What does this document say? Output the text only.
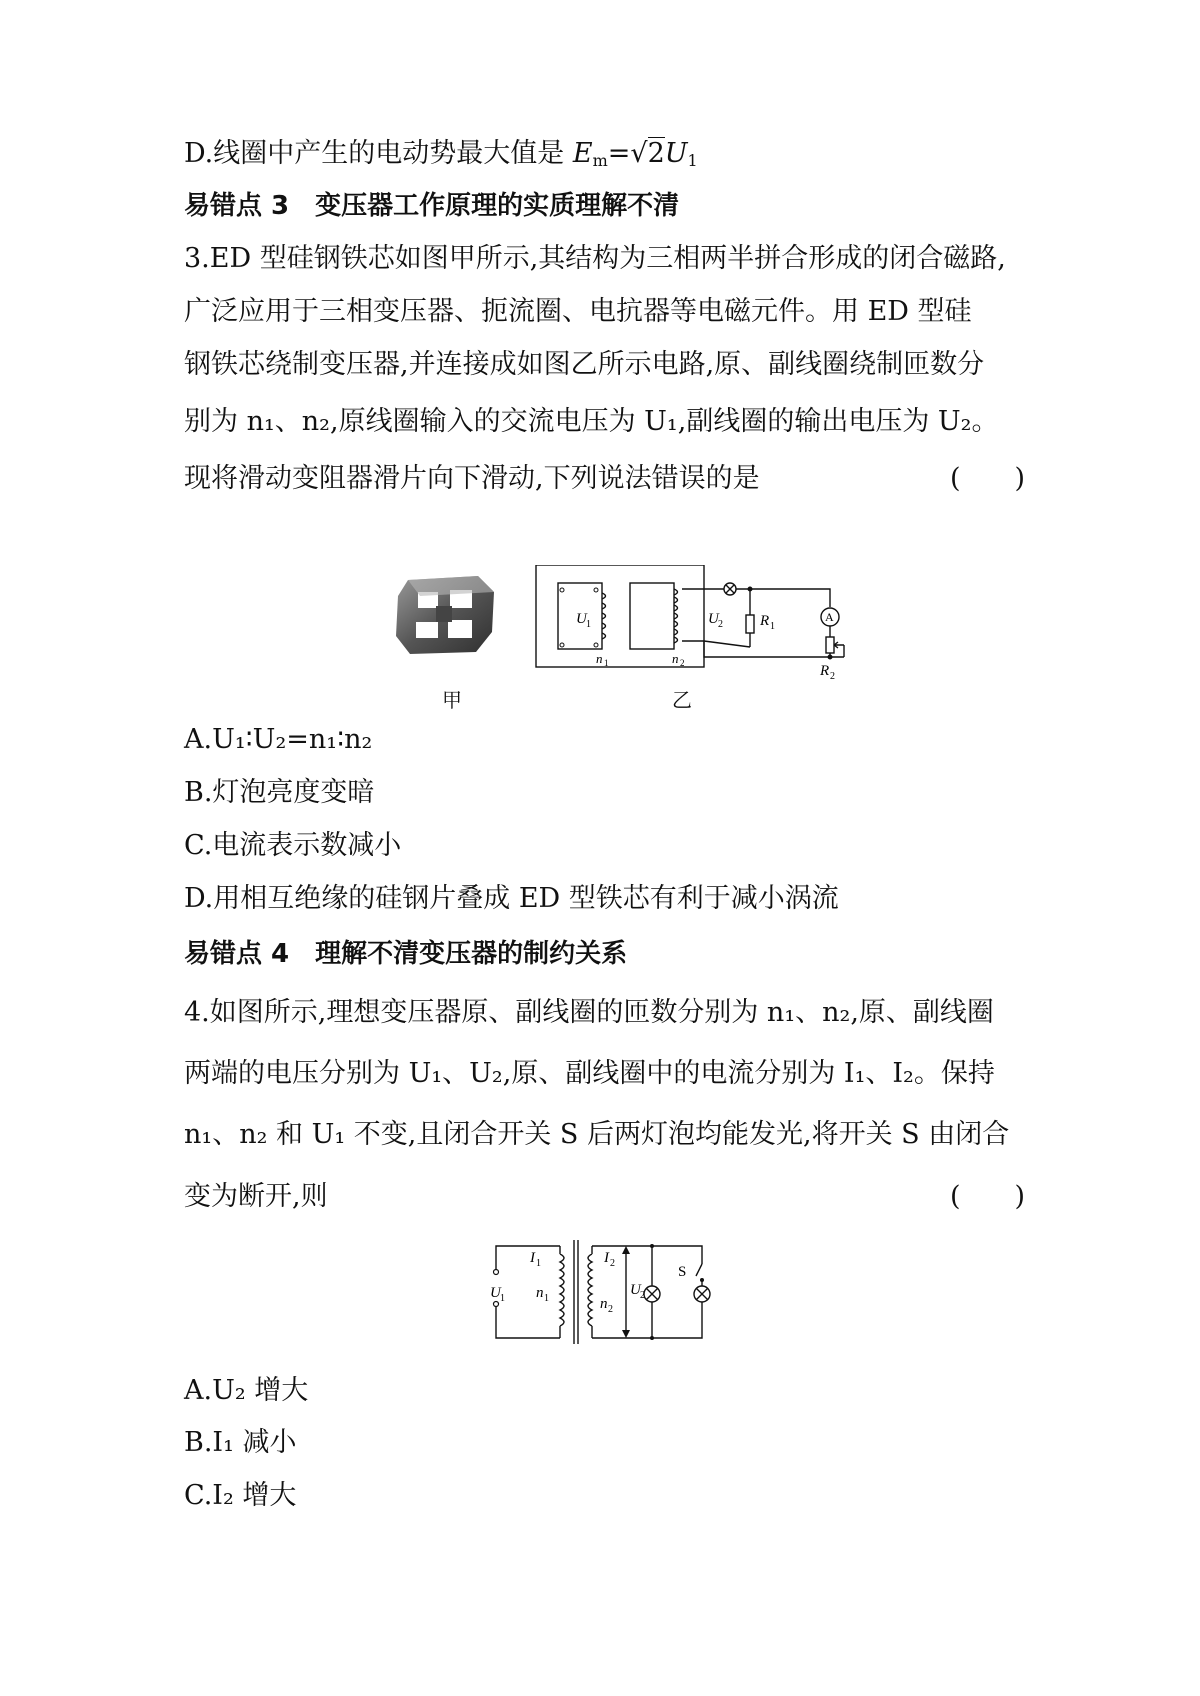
D.线圈中产生的电动势最大值是 $E_m=√2U_1$
易错点 3　变压器工作原理的实质理解不清
3.ED 型硅钢铁芯如图甲所示,其结构为三相两半拼合形成的闭合磁路,
广泛应用于三相变压器、扼流圈、电抗器等电磁元件。用 ED 型硅
钢铁芯绕制变压器,并连接成如图乙所示电路,原、副线圈绕制匝数分
别为 n₁、n₂,原线圈输入的交流电压为 U₁,副线圈的输出电压为 U₂。
现将滑动变阻器滑片向下滑动,下列说法错误的是	(　　)
甲
U 1
n 1	n 2
U 2 R 1
A
R 2
乙
A.U₁∶U₂=n₁∶n₂
B.灯泡亮度变暗
C.电流表示数减小
D.用相互绝缘的硅钢片叠成 ED 型铁芯有利于减小涡流
易错点 4　理解不清变压器的制约关系
4.如图所示,理想变压器原、副线圈的匝数分别为 n₁、n₂,原、副线圈
两端的电压分别为 U₁、U₂,原、副线圈中的电流分别为 I₁、I₂。保持
n₁、n₂ 和 U₁ 不变,且闭合开关 S 后两灯泡均能发光,将开关 S 由闭合
变为断开,则	(　　)
I 1
U 1 n 1
I 2
U 2
n 2
S
A.U₂ 增大
B.I₁ 减小
C.I₂ 增大
